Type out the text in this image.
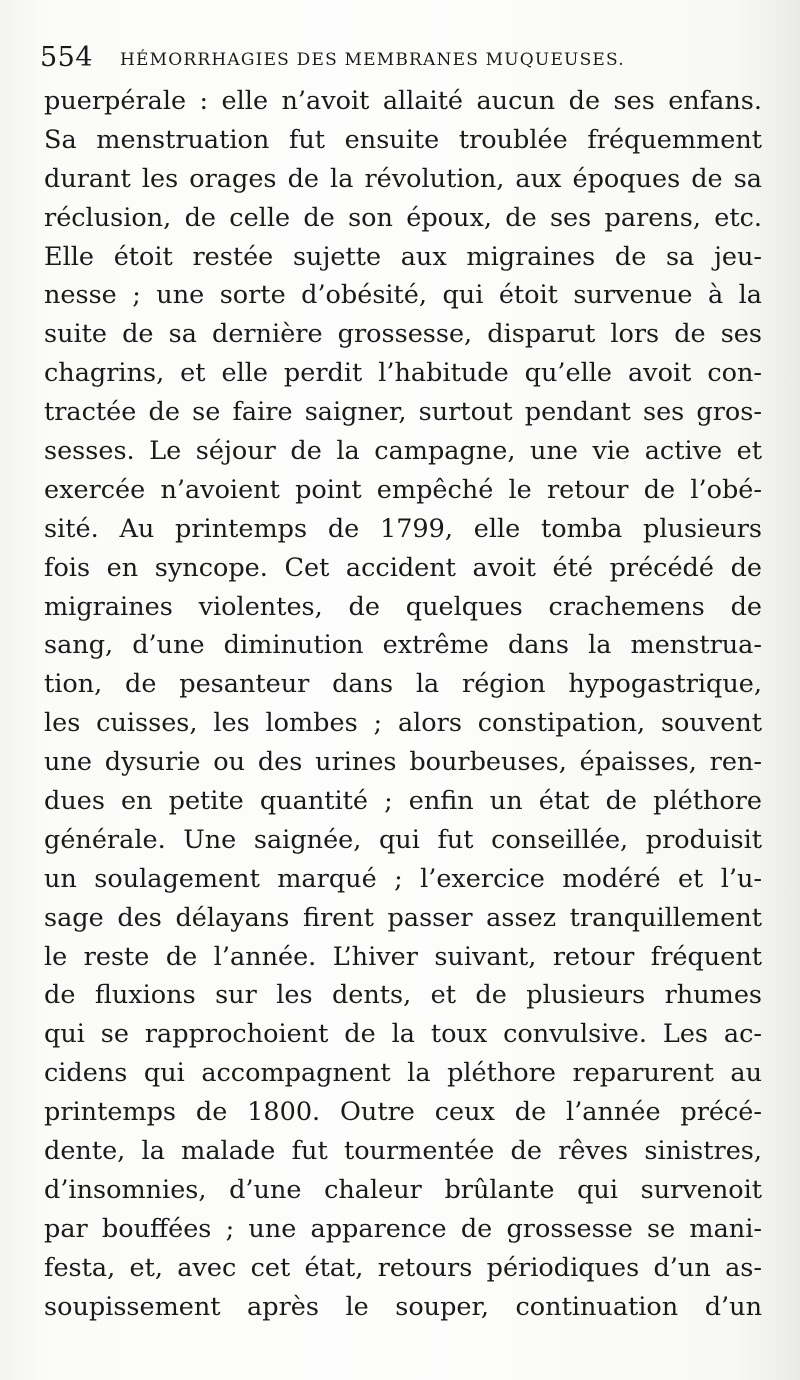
554 HÉMORRHAGIES DES MEMBRANES MUQUEUSES.
puerpérale : elle n’avoit allaité aucun de ses enfans.
Sa menstruation fut ensuite troublée fréquemment
durant les orages de la révolution, aux époques de sa
réclusion, de celle de son époux, de ses parens, etc.
Elle étoit restée sujette aux migraines de sa jeu-
nesse ; une sorte d’obésité, qui étoit survenue à la
suite de sa dernière grossesse, disparut lors de ses
chagrins, et elle perdit l’habitude qu’elle avoit con-
tractée de se faire saigner, surtout pendant ses gros-
sesses. Le séjour de la campagne, une vie active et
exercée n’avoient point empêché le retour de l’obé-
sité. Au printemps de 1799, elle tomba plusieurs
fois en syncope. Cet accident avoit été précédé de
migraines violentes, de quelques crachemens de
sang, d’une diminution extrême dans la menstrua-
tion, de pesanteur dans la région hypogastrique,
les cuisses, les lombes ; alors constipation, souvent
une dysurie ou des urines bourbeuses, épaisses, ren-
dues en petite quantité ; enfin un état de pléthore
générale. Une saignée, qui fut conseillée, produisit
un soulagement marqué ; l’exercice modéré et l’u-
sage des délayans firent passer assez tranquillement
le reste de l’année. L’hiver suivant, retour fréquent
de fluxions sur les dents, et de plusieurs rhumes
qui se rapprochoient de la toux convulsive. Les ac-
cidens qui accompagnent la pléthore reparurent au
printemps de 1800. Outre ceux de l’année précé-
dente, la malade fut tourmentée de rêves sinistres,
d’insomnies, d’une chaleur brûlante qui survenoit
par bouffées ; une apparence de grossesse se mani-
festa, et, avec cet état, retours périodiques d’un as-
soupissement après le souper, continuation d’un
